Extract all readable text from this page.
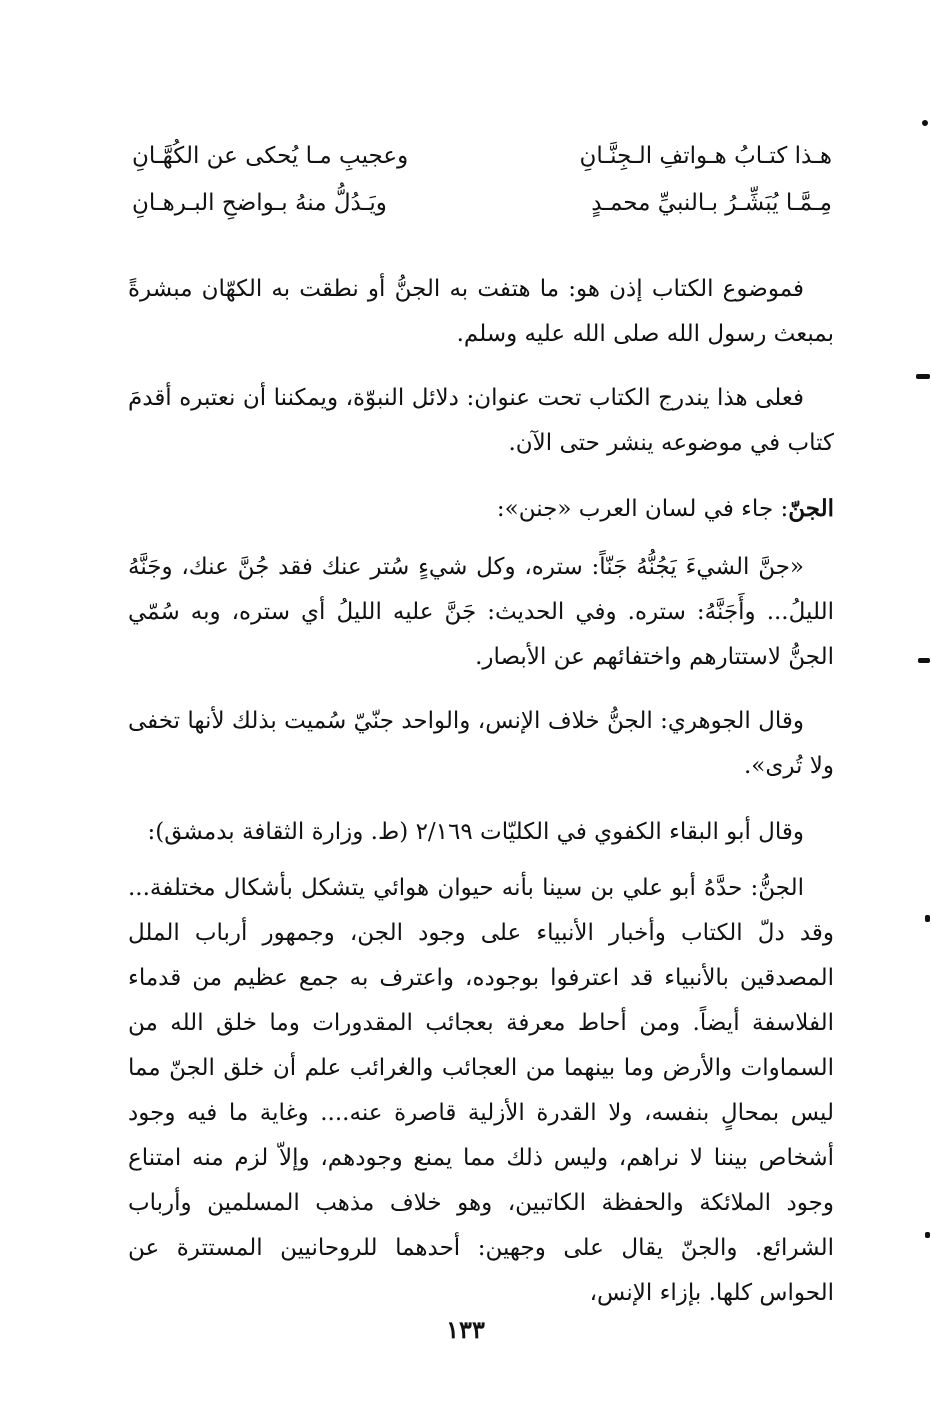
هـذا كتـابُ هـواتفِ الـجِنَّـانِ
وعجيبِ مـا يُحكى عن الكُهَّـانِ
مِـمَّـا يُبَشِّـرُ بـالنبيِّ محمـدٍ
ويَـدُلُّ منهُ بـواضحِ البـرهـانِ

فموضوع الكتاب إذن هو: ما هتفت به الجنُّ أو نطقت به الكهّان مبشرةً بمبعث رسول الله صلى الله عليه وسلم.

فعلى هذا يندرج الكتاب تحت عنوان: دلائل النبوّة، ويمكننا أن نعتبره أقدمَ كتاب في موضوعه ينشر حتى الآن.

الجنّ: جاء في لسان العرب «جنن»:

«جنَّ الشيءَ يَجُنُّهُ جَنّاً: ستره، وكل شيءٍ سُتر عنك فقد جُنَّ عنك، وجَنَّهُ الليلُ... وأَجَنَّهُ: ستره. وفي الحديث: جَنَّ عليه الليلُ أي ستره، وبه سُمّي الجنُّ لاستتارهم واختفائهم عن الأبصار.

وقال الجوهري: الجنُّ خلاف الإنس، والواحد جنّيّ سُميت بذلك لأنها تخفى ولا تُرى».

وقال أبو البقاء الكفوي في الكليّات ٢/١٦٩ (ط. وزارة الثقافة بدمشق):

الجنُّ: حدَّهُ أبو علي بن سينا بأنه حيوان هوائي يتشكل بأشكال مختلفة... وقد دلّ الكتاب وأخبار الأنبياء على وجود الجن، وجمهور أرباب الملل المصدقين بالأنبياء قد اعترفوا بوجوده، واعترف به جمع عظيم من قدماء الفلاسفة أيضاً. ومن أحاط معرفة بعجائب المقدورات وما خلق الله من السماوات والأرض وما بينهما من العجائب والغرائب علم أن خلق الجنّ مما ليس بمحالٍ بنفسه، ولا القدرة الأزلية قاصرة عنه.... وغاية ما فيه وجود أشخاص بيننا لا نراهم، وليس ذلك مما يمنع وجودهم، وإلاّ لزم منه امتناع وجود الملائكة والحفظة الكاتبين، وهو خلاف مذهب المسلمين وأرباب الشرائع. والجنّ يقال على وجهين: أحدهما للروحانيين المستترة عن الحواس كلها. بإزاء الإنس،

١٣٣
